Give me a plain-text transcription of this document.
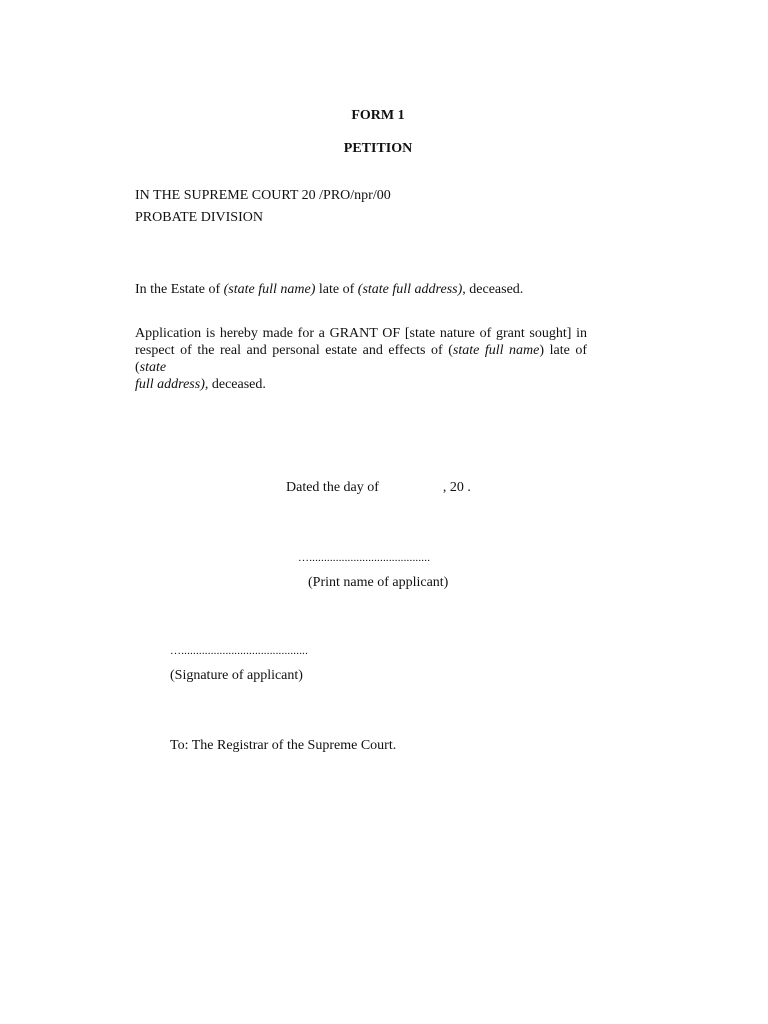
FORM 1
PETITION
IN THE SUPREME COURT 20 /PRO/npr/00
PROBATE DIVISION
In the Estate of (state full name) late of (state full address), deceased.
Application is hereby made for a GRANT OF [state nature of grant sought] in
respect of the real and personal estate and effects of (state full name) late of (state
full address), deceased.
Dated the day of	, 20 .
….........................................
(Print name of applicant)
…...........................................
(Signature of applicant)
To: The Registrar of the Supreme Court.
